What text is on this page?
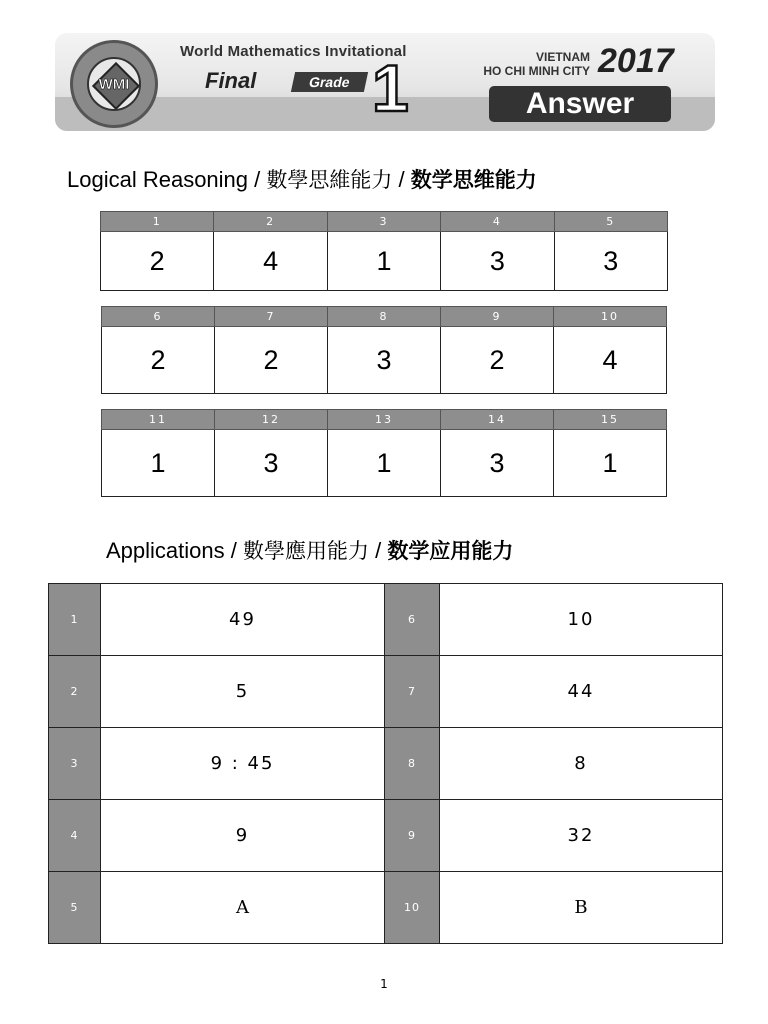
WMI
World Mathematics Invitational
Final	Grade 1	VIETNAM
HO CHI MINH CITY 2017
Answer
Logical Reasoning / 數學思維能力 / 数学思维能力
1	2	3	4	5
2	4	1	3	3
6	7	8	9	10
2	2	3	2	4
11	12	13	14	15
1	3	1	3	1
Applications / 數學應用能力 / 数学应用能力
1	49	6	10
2	5	7	44
3	9 : 45	8	8
4	9	9	32
5	A	10	B
1
